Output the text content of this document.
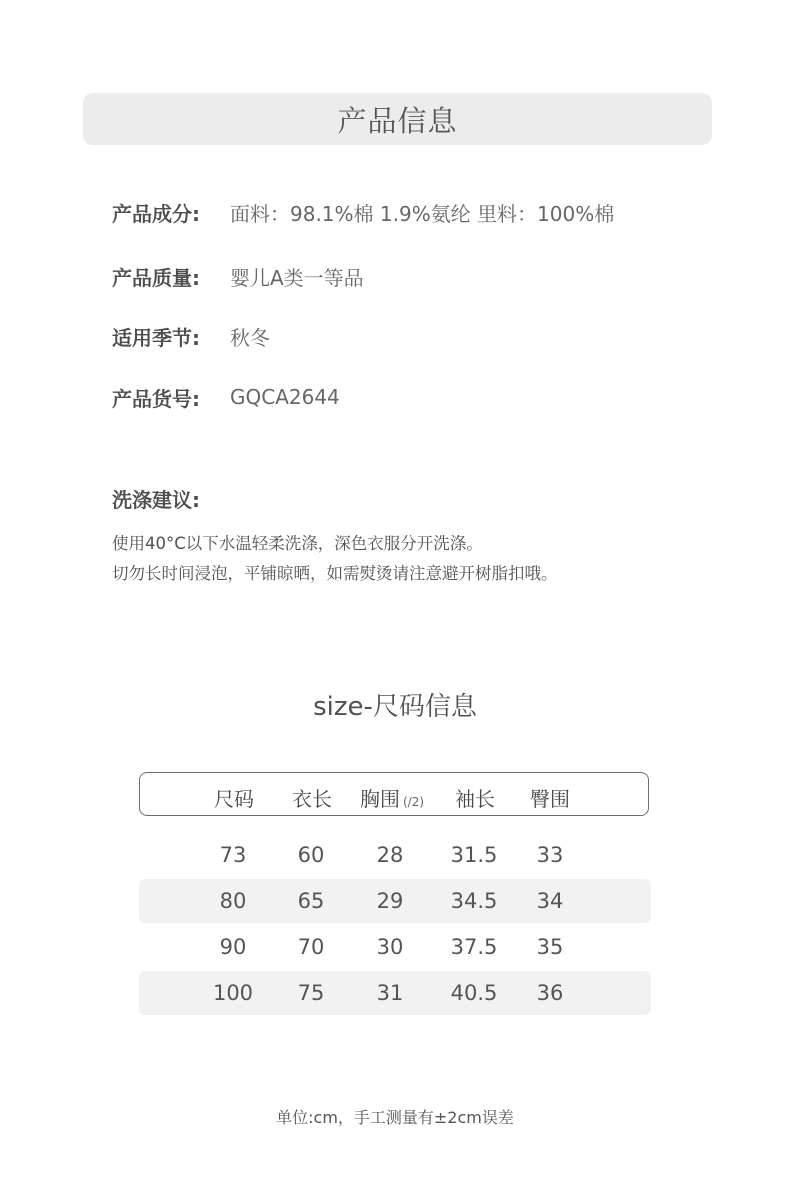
产品信息
产品成分:	面料：98.1%棉 1.9%氨纶 里料：100%棉
产品质量:	婴儿A类一等品
适用季节:	秋冬
产品货号:	GQCA2644
洗涤建议:
使用40°C以下水温轻柔洗涤，深色衣服分开洗涤。
切勿长时间浸泡，平铺晾晒，如需熨烫请注意避开树脂扣哦。
size-尺码信息
尺码 衣长 胸围 (/2) 袖长 臀围
73 60 28 31.5 33
80 65 29 34.5 34
90 70 30 37.5 35
100 75 31 40.5 36
单位:cm，手工测量有±2cm误差
